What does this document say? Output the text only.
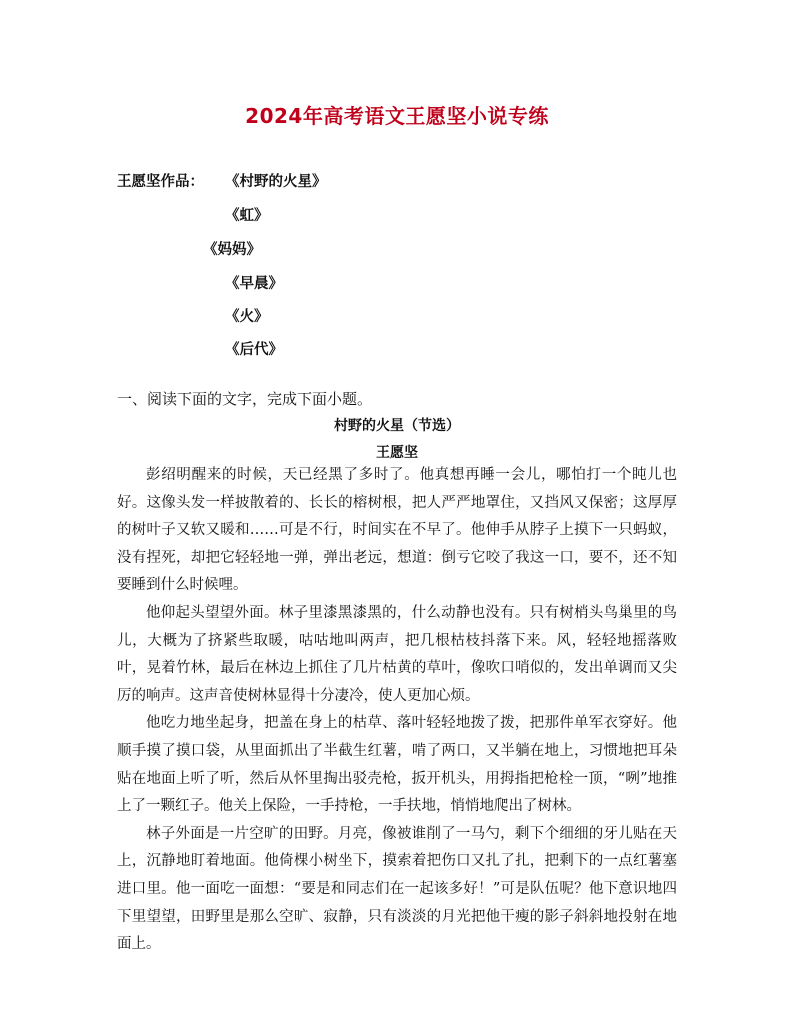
2024年高考语文王愿坚小说专练
王愿坚作品： 《村野的火星》
《虹》
《妈妈》
《早晨》
《火》
《后代》
一、阅读下面的文字，完成下面小题。
村野的火星（节选）
王愿坚

彭绍明醒来的时候，天已经黑了多时了。他真想再睡一会儿，哪怕打一个盹儿也好。这像头发一样披散着的、长长的榕树根，把人严严地罩住，又挡风又保密；这厚厚的树叶子又软又暖和……可是不行，时间实在不早了。他伸手从脖子上摸下一只蚂蚁，没有捏死，却把它轻轻地一弹，弹出老远，想道：倒亏它咬了我这一口，要不，还不知要睡到什么时候哩。

他仰起头望望外面。林子里漆黑漆黑的，什么动静也没有。只有树梢头鸟巢里的鸟儿，大概为了挤紧些取暖，咕咕地叫两声，把几根枯枝抖落下来。风，轻轻地摇落败叶，晃着竹林，最后在林边上抓住了几片枯黄的草叶，像吹口哨似的，发出单调而又尖厉的响声。这声音使树林显得十分凄冷，使人更加心烦。

他吃力地坐起身，把盖在身上的枯草、落叶轻轻地拨了拨，把那件单军衣穿好。他顺手摸了摸口袋，从里面抓出了半截生红薯，啃了两口，又半躺在地上，习惯地把耳朵贴在地面上听了听，然后从怀里掏出驳壳枪，扳开机头，用拇指把枪栓一顶，“咧”地推上了一颗红子。他关上保险，一手持枪，一手扶地，悄悄地爬出了树林。

林子外面是一片空旷的田野。月亮，像被谁削了一马勺，剩下个细细的牙儿贴在天上，沉静地盯着地面。他倚棵小树坐下，摸索着把伤口又扎了扎，把剩下的一点红薯塞进口里。他一面吃一面想：“要是和同志们在一起该多好！”可是队伍呢？他下意识地四下里望望，田野里是那么空旷、寂静，只有淡淡的月光把他干瘦的影子斜斜地投射在地面上。
